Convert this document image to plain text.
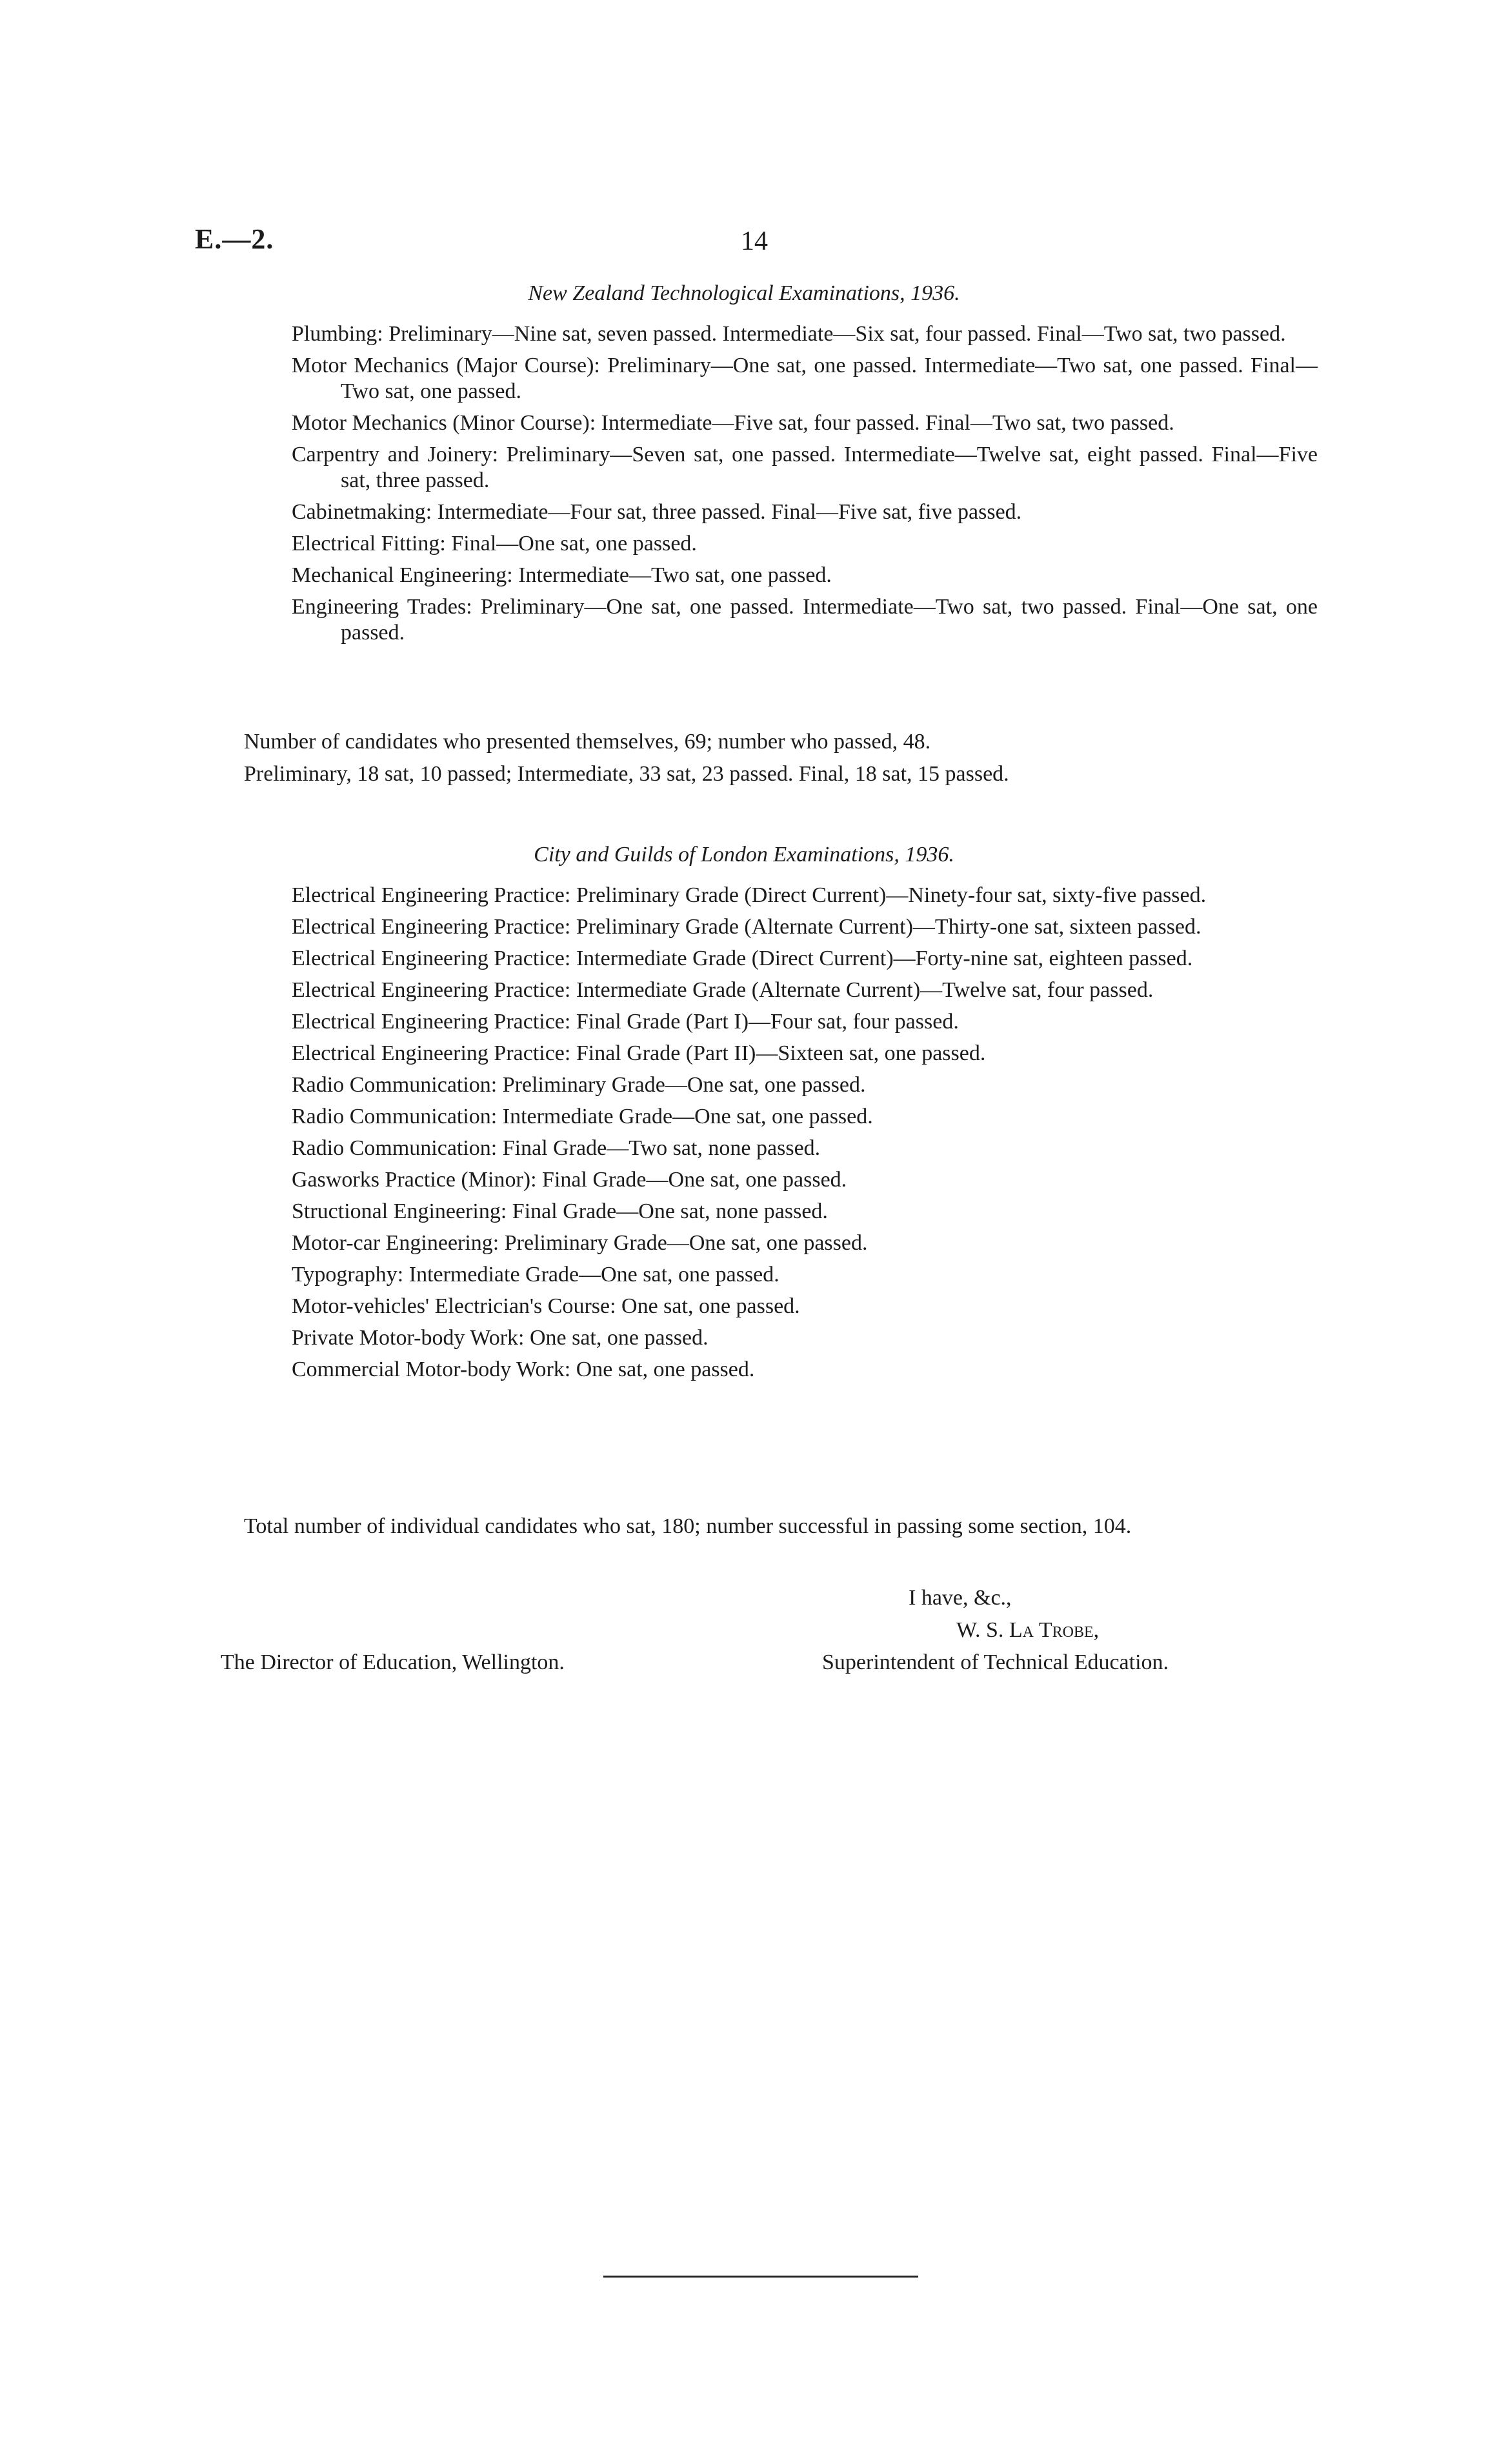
E.—2.	14
New Zealand Technological Examinations, 1936.
Plumbing: Preliminary—Nine sat, seven passed. Intermediate—Six sat, four passed. Final—Two sat, two passed.
Motor Mechanics (Major Course): Preliminary—One sat, one passed. Intermediate—Two sat, one passed. Final—Two sat, one passed.
Motor Mechanics (Minor Course): Intermediate—Five sat, four passed. Final—Two sat, two passed.
Carpentry and Joinery: Preliminary—Seven sat, one passed. Intermediate—Twelve sat, eight passed. Final—Five sat, three passed.
Cabinetmaking: Intermediate—Four sat, three passed. Final—Five sat, five passed.
Electrical Fitting: Final—One sat, one passed.
Mechanical Engineering: Intermediate—Two sat, one passed.
Engineering Trades: Preliminary—One sat, one passed. Intermediate—Two sat, two passed. Final—One sat, one passed.

Number of candidates who presented themselves, 69; number who passed, 48.

Preliminary, 18 sat, 10 passed; Intermediate, 33 sat, 23 passed. Final, 18 sat, 15 passed.

City and Guilds of London Examinations, 1936.
Electrical Engineering Practice: Preliminary Grade (Direct Current)—Ninety-four sat, sixty-five passed.
Electrical Engineering Practice: Preliminary Grade (Alternate Current)—Thirty-one sat, sixteen passed.
Electrical Engineering Practice: Intermediate Grade (Direct Current)—Forty-nine sat, eighteen passed.
Electrical Engineering Practice: Intermediate Grade (Alternate Current)—Twelve sat, four passed.
Electrical Engineering Practice: Final Grade (Part I)—Four sat, four passed.
Electrical Engineering Practice: Final Grade (Part II)—Sixteen sat, one passed.
Radio Communication: Preliminary Grade—One sat, one passed.
Radio Communication: Intermediate Grade—One sat, one passed.
Radio Communication: Final Grade—Two sat, none passed.
Gasworks Practice (Minor): Final Grade—One sat, one passed.
Structional Engineering: Final Grade—One sat, none passed.
Motor-car Engineering: Preliminary Grade—One sat, one passed.
Typography: Intermediate Grade—One sat, one passed.
Motor-vehicles' Electrician's Course: One sat, one passed.
Private Motor-body Work: One sat, one passed.
Commercial Motor-body Work: One sat, one passed.

Total number of individual candidates who sat, 180; number successful in passing some section, 104.

I have, &c.,
W. S. La Trobe,
Superintendent of Technical Education.
The Director of Education, Wellington.
